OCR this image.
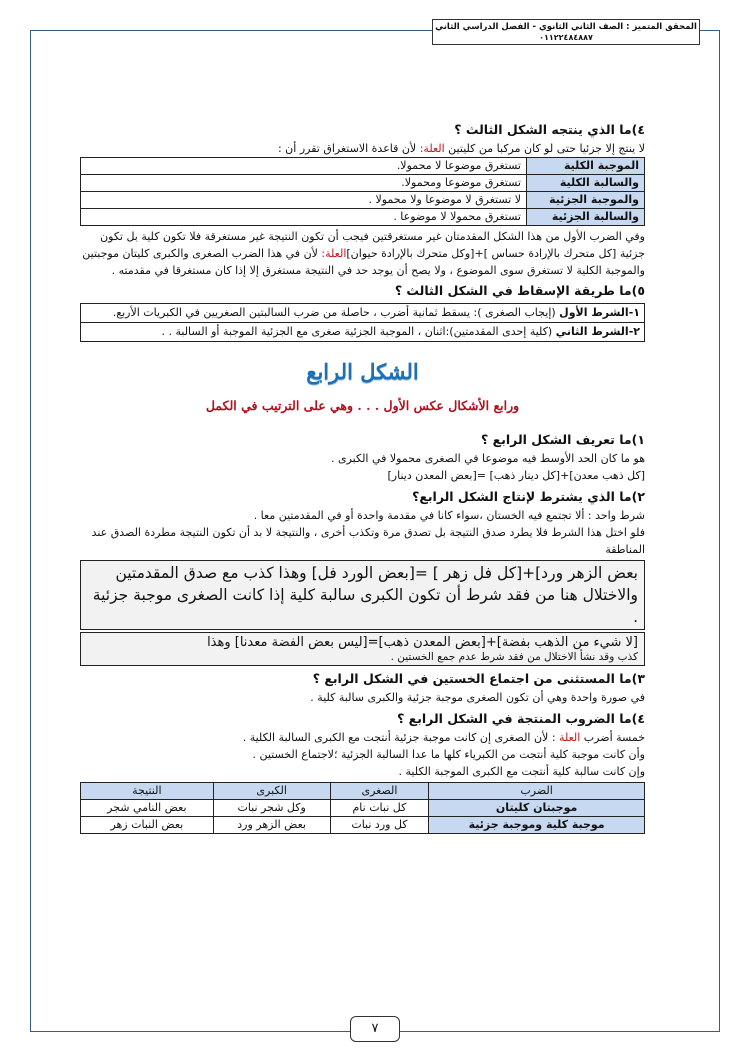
المحقق المتميز : الصف الثاني الثانوي - الفصل الدراسي الثاني
٠١١٢٢٤٨٤٨٨٧
٤)ما الذي ينتجه الشكل الثالث ؟
لا ينتج إلا جزئيا حتى لو كان مركبا من كليتين العلة: لأن قاعدة الاستغراق تقرر أن :
الموجبة الكلية	تستغرق موضوعا لا محمولا.
والسالبة الكلية	تستغرق موضوعا ومحمولا.
والموجبة الجزئية	لا تستغرق لا موضوعا ولا محمولا .
والسالبة الجزئية	تستغرق محمولا لا موضوعا .
وفي الضرب الأول من هذا الشكل المقدمتان غير مستغرقتين فيجب أن تكون النتيجة غير مستغرقة فلا تكون كلية بل تكون جزئية [كل متحرك بالإرادة حساس ]+[وكل متحرك بالإرادة حيوان]العلة: لأن في هذا الضرب الصغرى والكبرى كليتان موجبتين والموجبة الكلية لا تستغرق سوى الموضوع ، ولا يصح أن يوجد حد في النتيجة مستغرق إلا إذا كان مستغرقا في مقدمته .
٥)ما طريقة الإسقاط في الشكل الثالث ؟
١-الشرط الأول (إيجاب الصغرى ): يسقط ثمانية أضرب ، حاصلة من ضرب السالبتين الصغريين في الكبريات الأربع.
٢-الشرط الثاني (كلية إحدى المقدمتين):اثنان ، الموجبة الجزئية صغرى مع الجزئية الموجبة أو السالبة . .
الشكل الرابع
ورابع الأشكال عكس الأول . . . وهي على الترتيب في الكمل
١)ما تعريف الشكل الرابع ؟
هو ما كان الحد الأوسط فيه موضوعا في الصغرى محمولا في الكبرى .
[كل ذهب معدن]+[كل دينار ذهب] =[بعض المعدن دينار]
٢)ما الذي يشترط لإنتاج الشكل الرابع؟
شرط واحد : ألا تجتمع فيه الخستان ،سواء كانا في مقدمة واحدة أو في المقدمتين معا .
فلو اختل هذا الشرط فلا يطرد صدق النتيجة بل تصدق مرة وتكذب أخرى ، والنتيجة لا بد أن تكون النتيجة مطردة الصدق عند المناطقة
بعض الزهر ورد]+[كل فل زهر ] =[بعض الورد فل] وهذا كذب مع صدق المقدمتين والاختلال هنا من فقد شرط أن تكون الكبرى سالبة كلية إذا كانت الصغرى موجبة جزئية .
[لا شيء من الذهب بفضة]+[بعض المعدن ذهب]=[ليس بعض الفضة معدنا] وهذا
كذب وقد نشأ الاختلال من فقد شرط عدم جمع الخستين .
٣)ما المستثنى من اجتماع الخستين في الشكل الرابع ؟
في صورة واحدة وهي أن تكون الصغرى موجبة جزئية والكبرى سالبة كلية .
٤)ما الضروب المنتجة في الشكل الرابع ؟
خمسة أضرب العلة : لأن الصغرى إن كانت موجبة جزئية أنتجت مع الكبرى السالبة الكلية .
وأن كانت موجبة كلية أنتجت من الكبرياء كلها ما عدا السالبة الجزئية ؛لاجتماع الخستين .
وإن كانت سالبة كلية أنتجت مع الكبرى الموجبة الكلية .
الضرب	الصغرى	الكبرى	النتيجة
موجبتان كليتان	كل نبات نام	وكل شجر نبات	بعض النامي شجر
موجبة كلية وموجبة جزئية	كل ورد نبات	بعض الزهر ورد	بعض النبات زهر
٧
